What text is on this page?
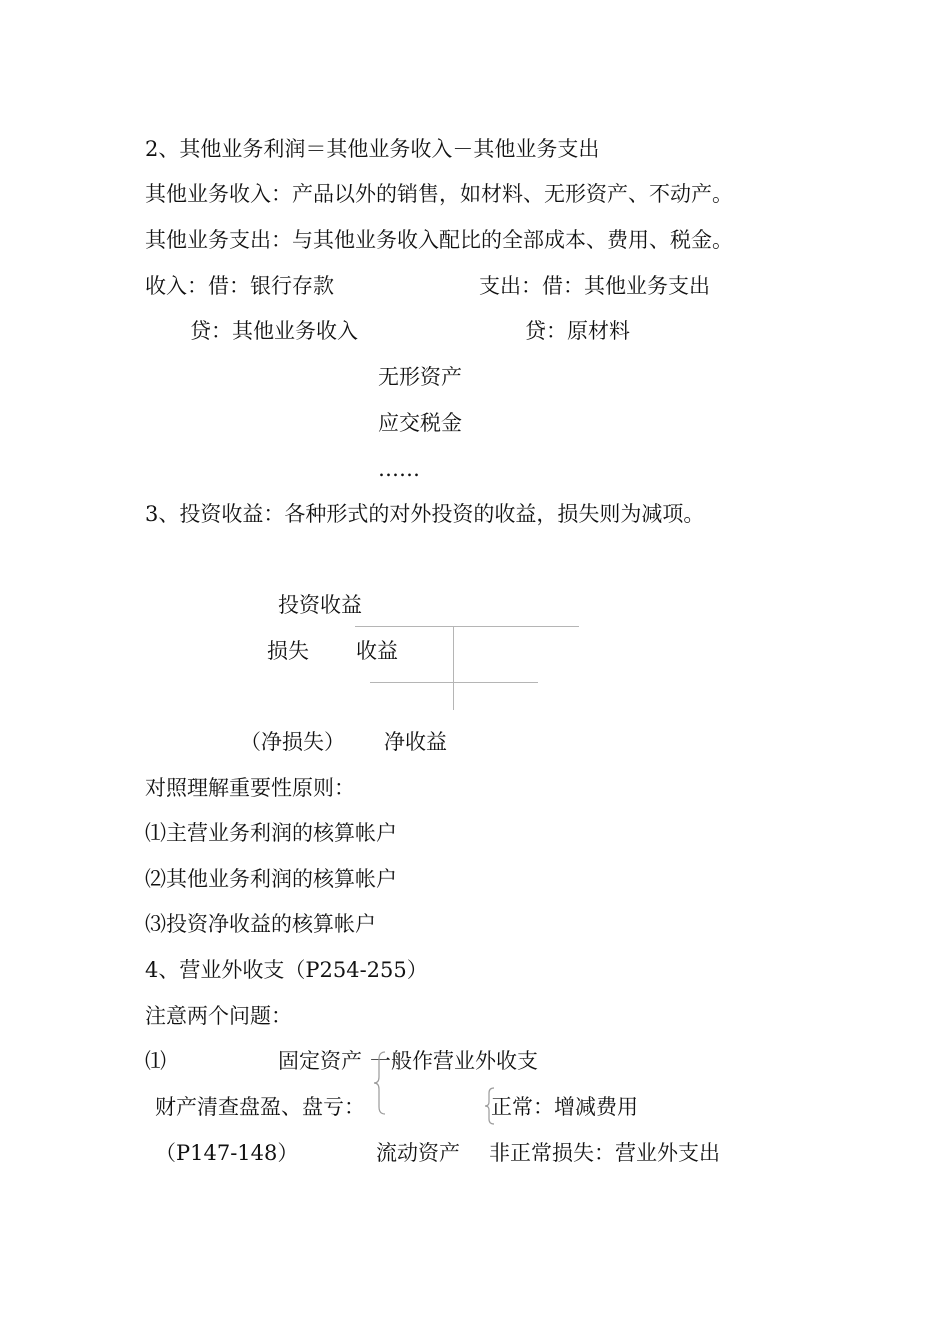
2、其他业务利润＝其他业务收入－其他业务支出
其他业务收入：产品以外的销售，如材料、无形资产、不动产。
其他业务支出：与其他业务收入配比的全部成本、费用、税金。
收入：借：银行存款	支出：借：其他业务支出
贷：其他业务收入	贷：原材料
无形资产
应交税金
……
3、投资收益：各种形式的对外投资的收益，损失则为减项。
投资收益
损失 收益
（净损失） 净收益
对照理解重要性原则：
⑴主营业务利润的核算帐户
⑵其他业务利润的核算帐户
⑶投资净收益的核算帐户
4、营业外收支（P254-255）
注意两个问题：
⑴	固定资产 一般作营业外收支
财产清查盘盈、盘亏：	正常：增减费用
（P147-148）	流动资产 非正常损失：营业外支出
